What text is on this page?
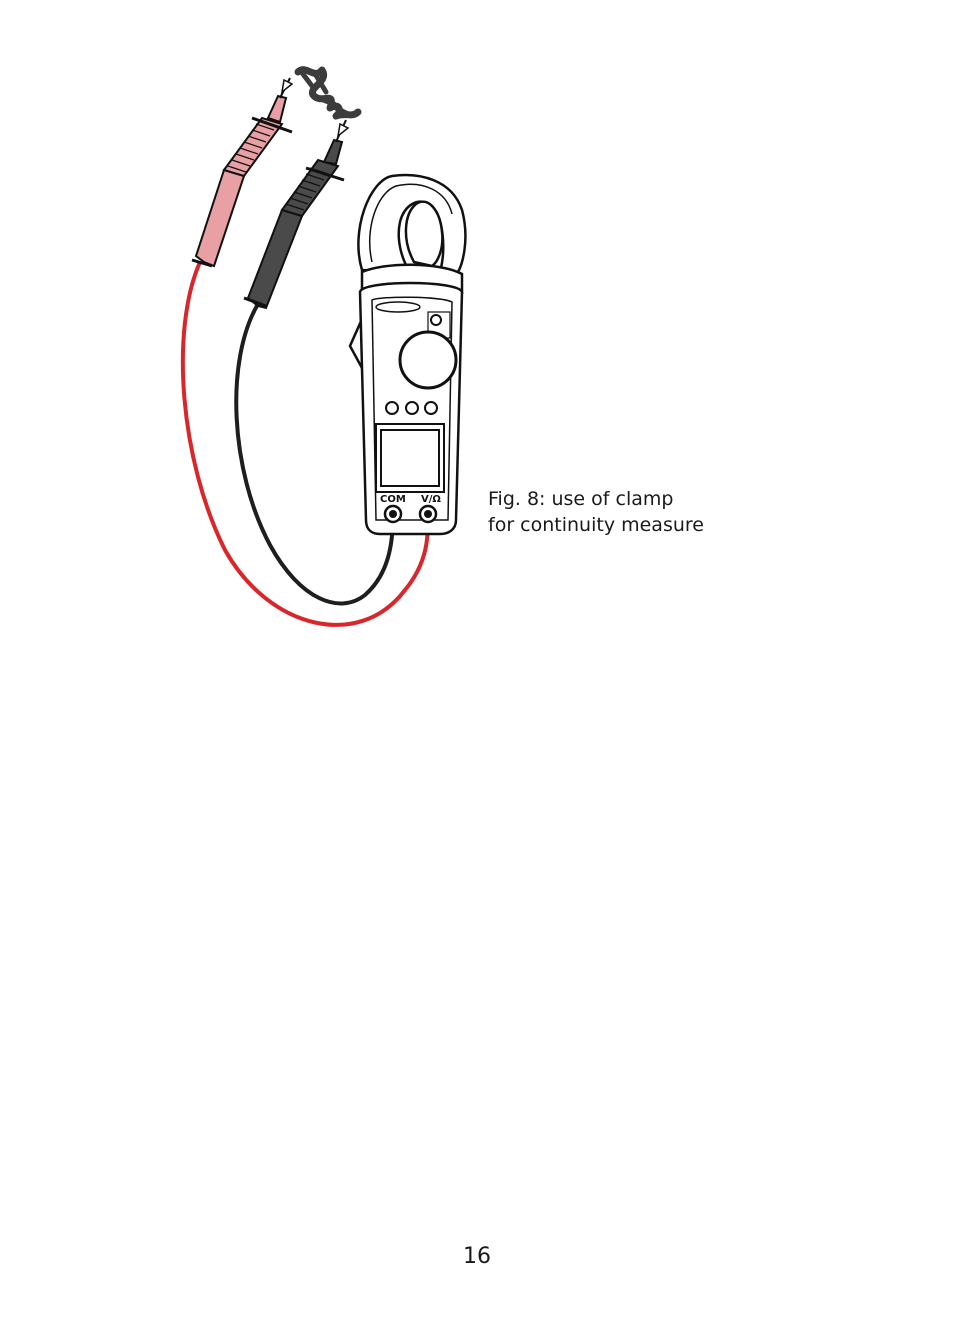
COM V/Ω Fig. 8: use of clamp
for continuity measure
16
